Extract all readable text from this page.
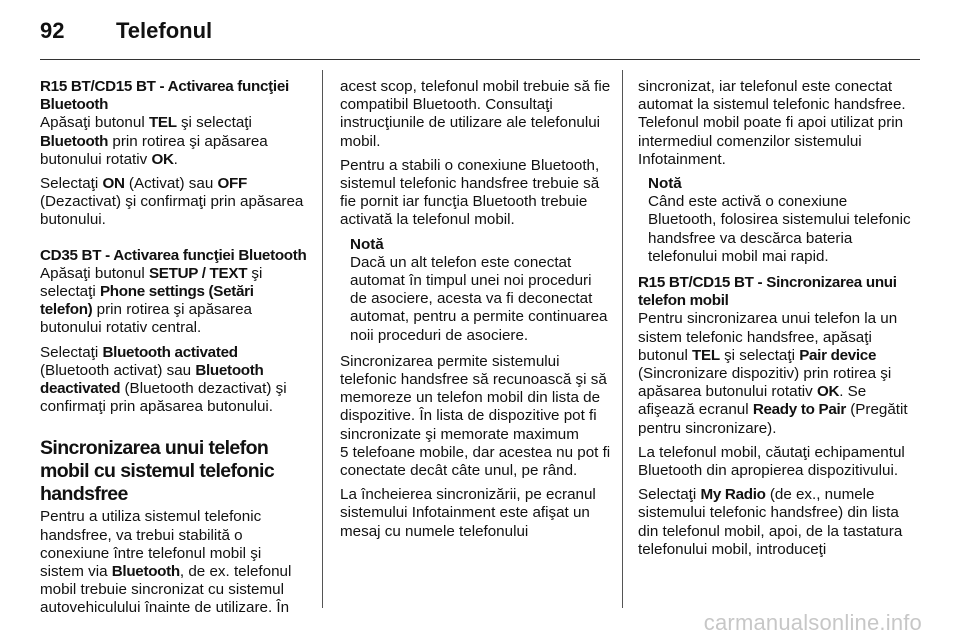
92 Telefonul

R15 BT/CD15 BT - Activarea funcţiei Bluetooth

Apăsaţi butonul TEL şi selectaţi Bluetooth prin rotirea şi apăsarea butonului rotativ OK.

Selectaţi ON (Activat) sau OFF (Dezactivat) şi confirmaţi prin apăsarea butonului.

CD35 BT - Activarea funcţiei Bluetooth

Apăsaţi butonul SETUP / TEXT şi selectaţi Phone settings (Setări telefon) prin rotirea şi apăsarea butonului rotativ central.

Selectaţi Bluetooth activated (Bluetooth activat) sau Bluetooth deactivated (Bluetooth dezactivat) şi confirmaţi prin apăsarea butonului.

Sincronizarea unui telefon mobil cu sistemul telefonic handsfree

Pentru a utiliza sistemul telefonic handsfree, va trebui stabilită o conexiune între telefonul mobil şi sistem via Bluetooth, de ex. telefonul mobil trebuie sincronizat cu sistemul autovehiculului înainte de utilizare. În

acest scop, telefonul mobil trebuie să fie compatibil Bluetooth. Consultaţi instrucţiunile de utilizare ale telefonului mobil.

Pentru a stabili o conexiune Bluetooth, sistemul telefonic handsfree trebuie să fie pornit iar funcţia Bluetooth trebuie activată la telefonul mobil.

Notă
Dacă un alt telefon este conectat automat în timpul unei noi proceduri de asociere, acesta va fi deconectat automat, pentru a permite continuarea noii proceduri de asociere.

Sincronizarea permite sistemului telefonic handsfree să recunoască şi să memoreze un telefon mobil din lista de dispozitive. În lista de dispozitive pot fi sincronizate şi memorate maximum

5 telefoane mobile, dar acestea nu pot fi conectate decât câte unul, pe rând.

La încheierea sincronizării, pe ecranul sistemului Infotainment este afişat un mesaj cu numele telefonului

sincronizat, iar telefonul este conectat automat la sistemul telefonic handsfree. Telefonul mobil poate fi apoi utilizat prin intermediul comenzilor sistemului Infotainment.

Notă
Când este activă o conexiune Bluetooth, folosirea sistemului telefonic handsfree va descărca bateria telefonului mobil mai rapid.

R15 BT/CD15 BT - Sincronizarea unui telefon mobil

Pentru sincronizarea unui telefon la un sistem telefonic handsfree, apăsaţi butonul TEL şi selectaţi Pair device (Sincronizare dispozitiv) prin rotirea şi apăsarea butonului rotativ OK. Se afişează ecranul Ready to Pair (Pregătit pentru sincronizare).

La telefonul mobil, căutaţi echipamentul Bluetooth din apropierea dispozitivului.

Selectaţi My Radio (de ex., numele sistemului telefonic handsfree) din lista din telefonul mobil, apoi, de la tastatura telefonului mobil, introduceţi

carmanualsonline.info
